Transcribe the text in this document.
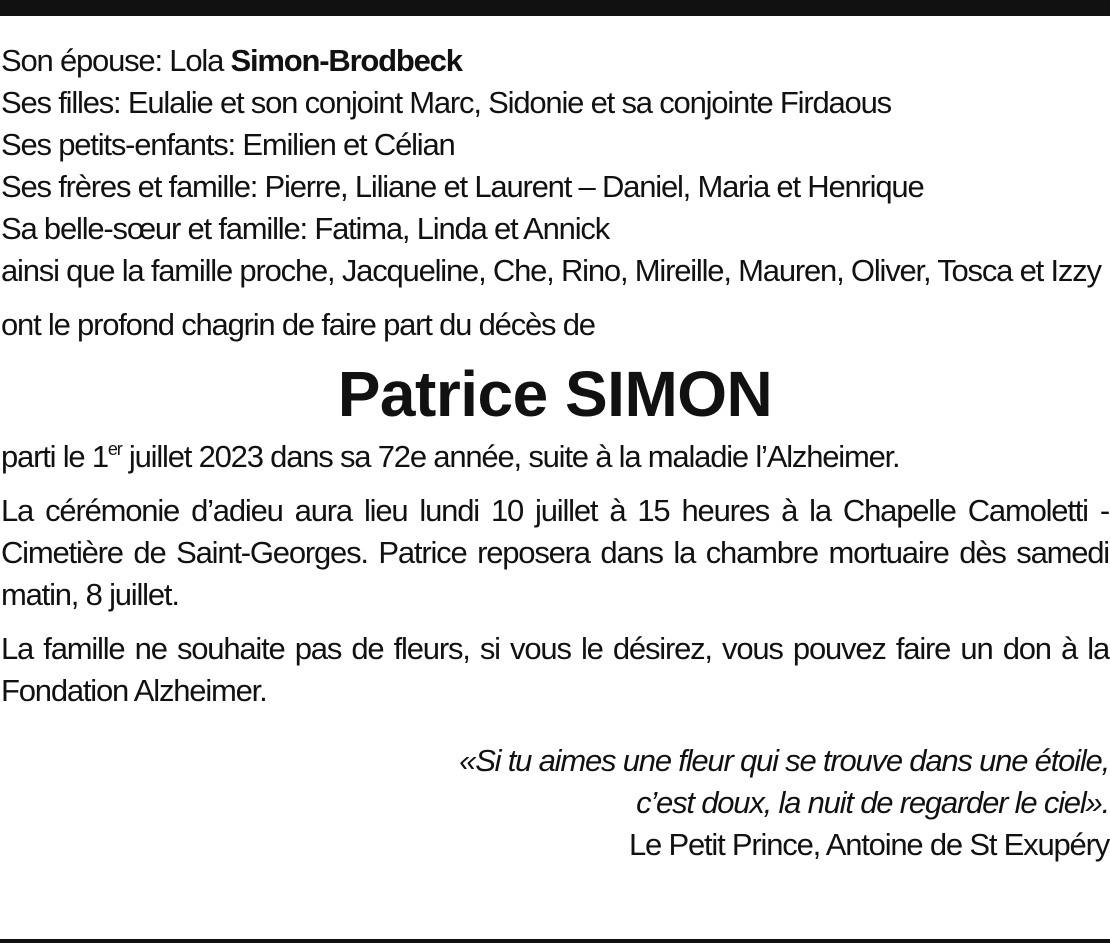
Son épouse: Lola Simon-Brodbeck
Ses filles: Eulalie et son conjoint Marc, Sidonie et sa conjointe Firdaous
Ses petits-enfants: Emilien et Célian
Ses frères et famille: Pierre, Liliane et Laurent – Daniel, Maria et Henrique
Sa belle-sœur et famille: Fatima, Linda et Annick
ainsi que la famille proche, Jacqueline, Che, Rino, Mireille, Mauren, Oliver, Tosca et Izzy
ont le profond chagrin de faire part du décès de
Patrice SIMON
parti le 1er juillet 2023 dans sa 72e année, suite à la maladie l’Alzheimer.
La cérémonie d’adieu aura lieu lundi 10 juillet à 15 heures à la Chapelle Camoletti - Cimetière de Saint-Georges. Patrice reposera dans la chambre mortuaire dès samedi matin, 8 juillet.
La famille ne souhaite pas de fleurs, si vous le désirez, vous pouvez faire un don à la Fondation Alzheimer.
«Si tu aimes une fleur qui se trouve dans une étoile,
c’est doux, la nuit de regarder le ciel».
Le Petit Prince, Antoine de St Exupéry
